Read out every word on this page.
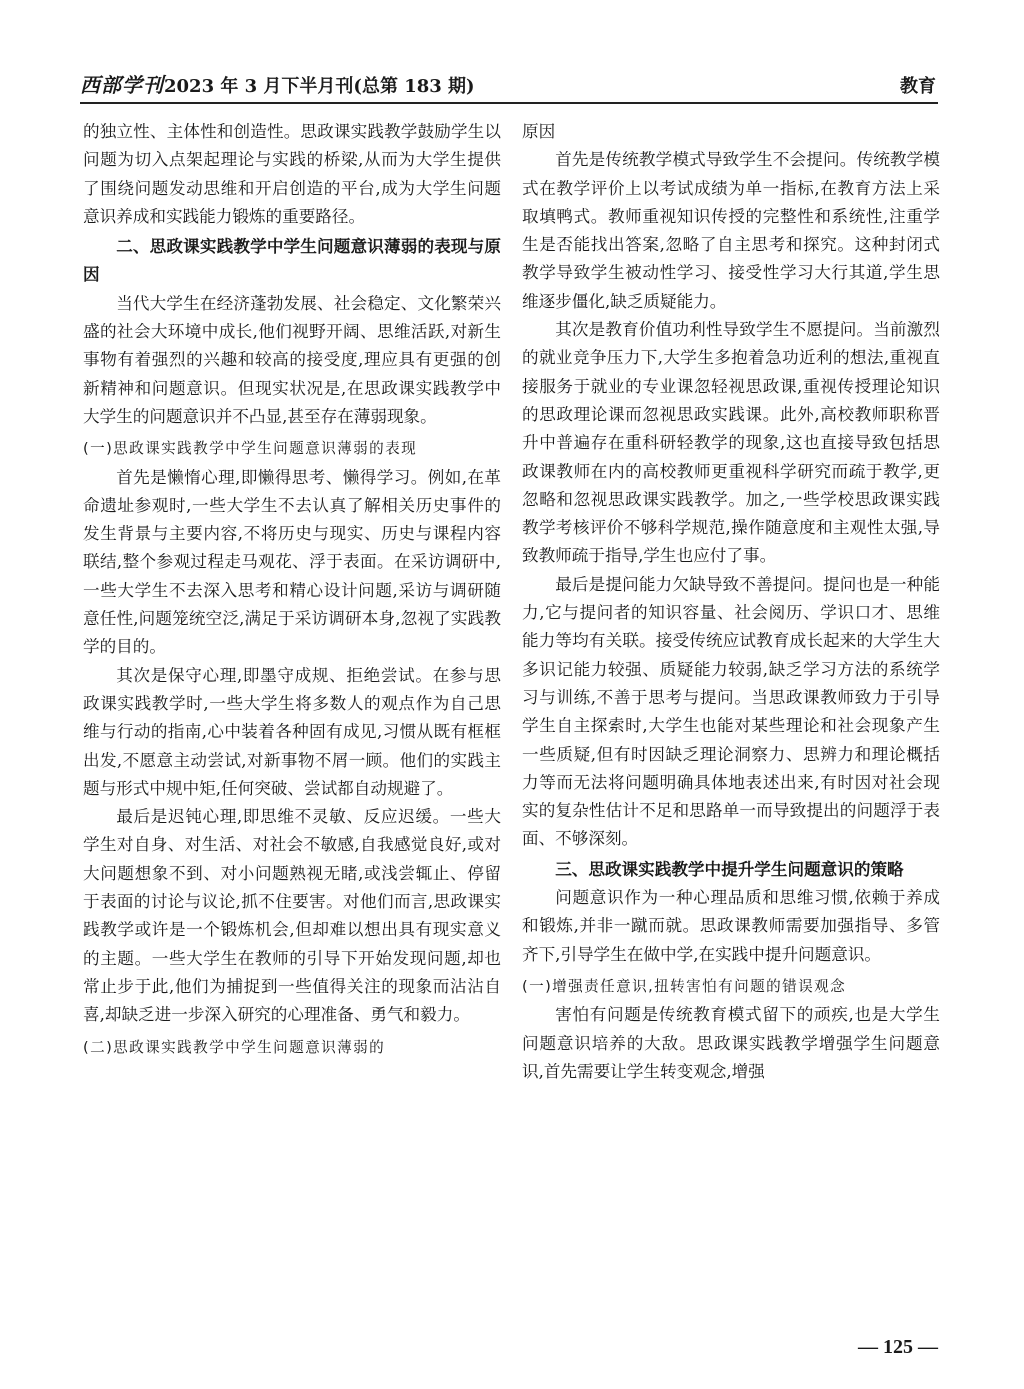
西部学刊2023 年 3 月下半月刊(总第 183 期)	教育

的独立性、主体性和创造性。思政课实践教学鼓励学生以问题为切入点架起理论与实践的桥梁,从而为大学生提供了围绕问题发动思维和开启创造的平台,成为大学生问题意识养成和实践能力锻炼的重要路径。

二、思政课实践教学中学生问题意识薄弱的表现与原因

当代大学生在经济蓬勃发展、社会稳定、文化繁荣兴盛的社会大环境中成长,他们视野开阔、思维活跃,对新生事物有着强烈的兴趣和较高的接受度,理应具有更强的创新精神和问题意识。但现实状况是,在思政课实践教学中大学生的问题意识并不凸显,甚至存在薄弱现象。

(一)思政课实践教学中学生问题意识薄弱的表现

首先是懒惰心理,即懒得思考、懒得学习。例如,在革命遗址参观时,一些大学生不去认真了解相关历史事件的发生背景与主要内容,不将历史与现实、历史与课程内容联结,整个参观过程走马观花、浮于表面。在采访调研中,一些大学生不去深入思考和精心设计问题,采访与调研随意任性,问题笼统空泛,满足于采访调研本身,忽视了实践教学的目的。

其次是保守心理,即墨守成规、拒绝尝试。在参与思政课实践教学时,一些大学生将多数人的观点作为自己思维与行动的指南,心中装着各种固有成见,习惯从既有框框出发,不愿意主动尝试,对新事物不屑一顾。他们的实践主题与形式中规中矩,任何突破、尝试都自动规避了。

最后是迟钝心理,即思维不灵敏、反应迟缓。一些大学生对自身、对生活、对社会不敏感,自我感觉良好,或对大问题想象不到、对小问题熟视无睹,或浅尝辄止、停留于表面的讨论与议论,抓不住要害。对他们而言,思政课实践教学或许是一个锻炼机会,但却难以想出具有现实意义的主题。一些大学生在教师的引导下开始发现问题,却也常止步于此,他们为捕捉到一些值得关注的现象而沾沾自喜,却缺乏进一步深入研究的心理准备、勇气和毅力。

(二)思政课实践教学中学生问题意识薄弱的

原因

首先是传统教学模式导致学生不会提问。传统教学模式在教学评价上以考试成绩为单一指标,在教育方法上采取填鸭式。教师重视知识传授的完整性和系统性,注重学生是否能找出答案,忽略了自主思考和探究。这种封闭式教学导致学生被动性学习、接受性学习大行其道,学生思维逐步僵化,缺乏质疑能力。

其次是教育价值功利性导致学生不愿提问。当前激烈的就业竞争压力下,大学生多抱着急功近利的想法,重视直接服务于就业的专业课忽轻视思政课,重视传授理论知识的思政理论课而忽视思政实践课。此外,高校教师职称晋升中普遍存在重科研轻教学的现象,这也直接导致包括思政课教师在内的高校教师更重视科学研究而疏于教学,更忽略和忽视思政课实践教学。加之,一些学校思政课实践教学考核评价不够科学规范,操作随意度和主观性太强,导致教师疏于指导,学生也应付了事。

最后是提问能力欠缺导致不善提问。提问也是一种能力,它与提问者的知识容量、社会阅历、学识口才、思维能力等均有关联。接受传统应试教育成长起来的大学生大多识记能力较强、质疑能力较弱,缺乏学习方法的系统学习与训练,不善于思考与提问。当思政课教师致力于引导学生自主探索时,大学生也能对某些理论和社会现象产生一些质疑,但有时因缺乏理论洞察力、思辨力和理论概括力等而无法将问题明确具体地表述出来,有时因对社会现实的复杂性估计不足和思路单一而导致提出的问题浮于表面、不够深刻。

三、思政课实践教学中提升学生问题意识的策略

问题意识作为一种心理品质和思维习惯,依赖于养成和锻炼,并非一蹴而就。思政课教师需要加强指导、多管齐下,引导学生在做中学,在实践中提升问题意识。

(一)增强责任意识,扭转害怕有问题的错误观念

害怕有问题是传统教育模式留下的顽疾,也是大学生问题意识培养的大敌。思政课实践教学增强学生问题意识,首先需要让学生转变观念,增强

— 125 —
